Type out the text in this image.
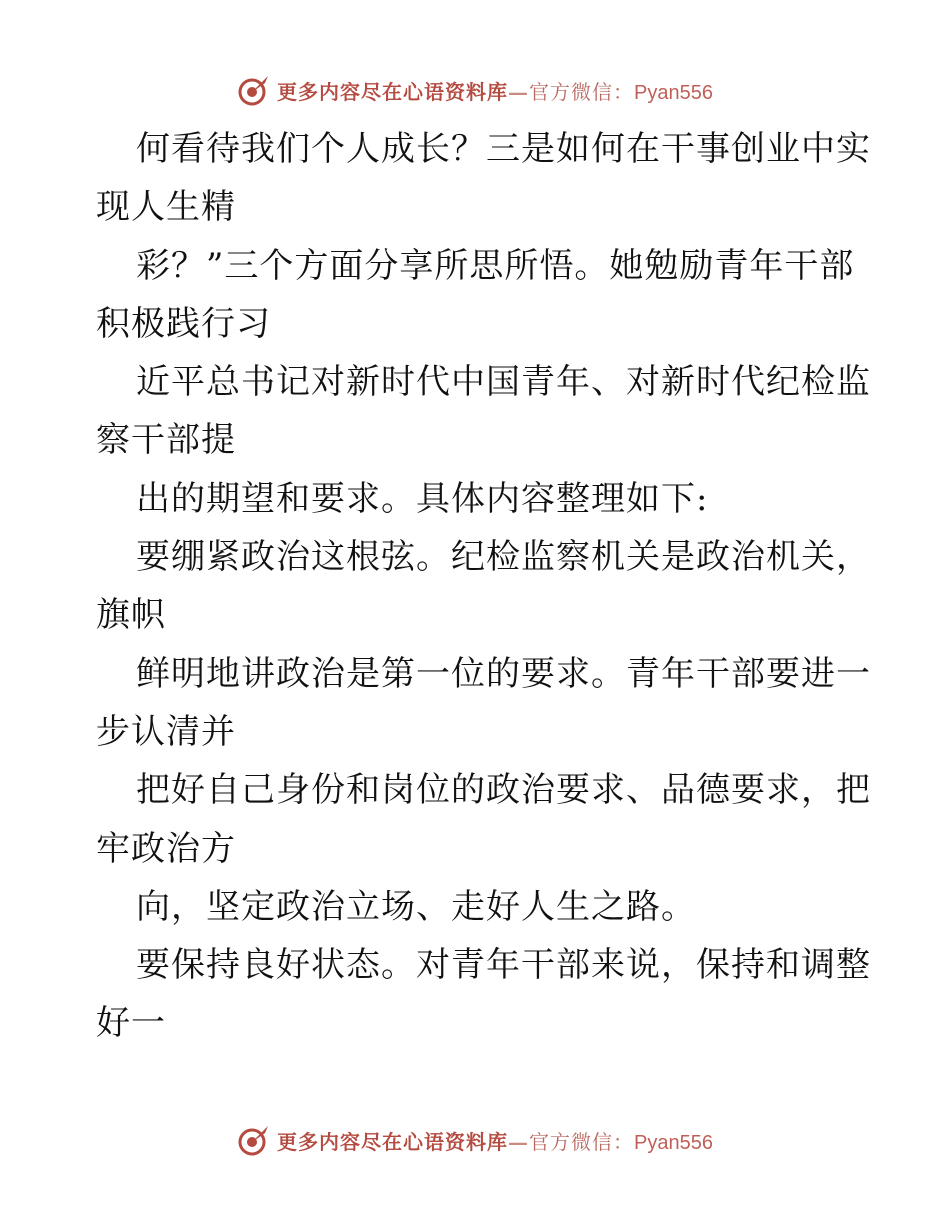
更多内容尽在心语资料库—官方微信：Pyan556
何看待我们个人成长？三是如何在干事创业中实
现人生精
彩？”三个方面分享所思所悟。她勉励青年干部
积极践行习
近平总书记对新时代中国青年、对新时代纪检监
察干部提
出的期望和要求。具体内容整理如下:
要绷紧政治这根弦。纪检监察机关是政治机关，
旗帜
鲜明地讲政治是第一位的要求。青年干部要进一
步认清并
把好自己身份和岗位的政治要求、品德要求，把
牢政治方
向，坚定政治立场、走好人生之路。
要保持良好状态。对青年干部来说，保持和调整
好一
更多内容尽在心语资料库—官方微信：Pyan556
